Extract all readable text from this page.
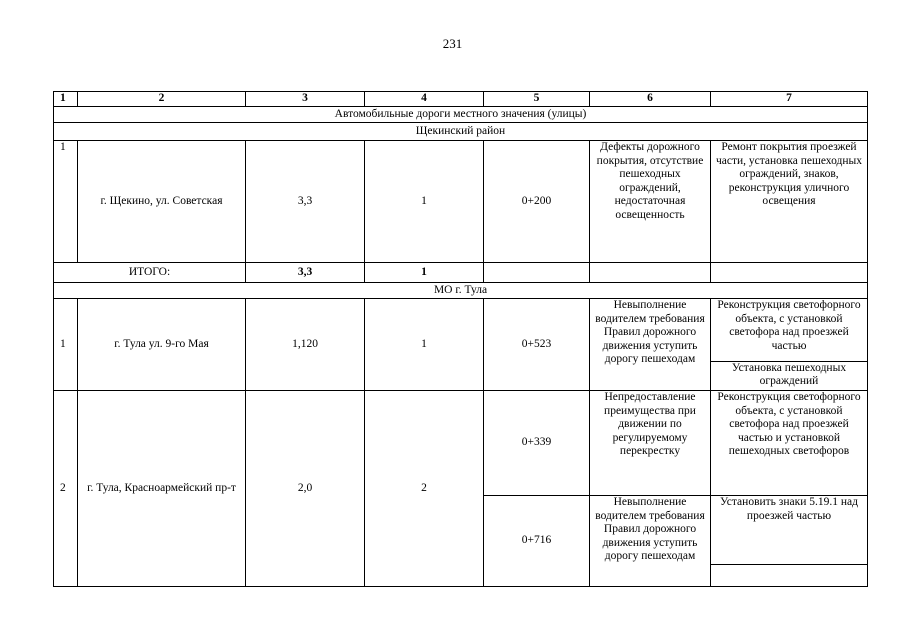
231
1	2	3	4	5	6	7
Автомобильные дороги местного значения (улицы)						
Щекинский район						
1	г. Щекино, ул. Советская	3,3	1	0+200	Дефекты дорожного покрытия, отсутствие пешеходных ограждений, недостаточная освещенность	Ремонт покрытия проезжей части, установка пешеходных ограждений, знаков, реконструкция уличного освещения
ИТОГО:		3,3	1			
МО г. Тула						
1	г. Тула ул. 9-го Мая	1,120	1	0+523	Невыполнение водителем требования Правил дорожного движения уступить дорогу пешеходам	Реконструкция светофорного объекта, с установкой светофора над проезжей частью
						Установка пешеходных ограждений
2	г. Тула, Красноармейский пр-т	2,0	2	0+339	Непредоставление преимущества при движении по регулируемому перекрестку	Реконструкция светофорного объекта, с установкой светофора над проезжей частью и установкой пешеходных светофоров
				0+716	Невыполнение водителем требования Правил дорожного движения уступить дорогу пешеходам	Установить знаки 5.19.1 над проезжей частью
